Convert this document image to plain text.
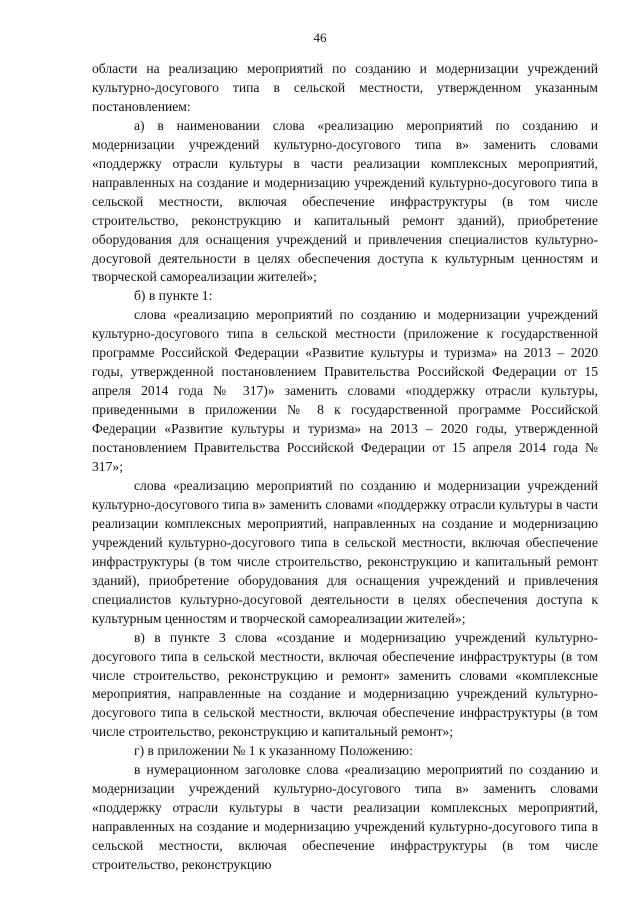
46

области на реализацию мероприятий по созданию и модернизации учреждений культурно-досугового типа в сельской местности, утвержденном указанным постановлением:

а) в наименовании слова «реализацию мероприятий по созданию и модернизации учреждений культурно-досугового типа в» заменить словами «поддержку отрасли культуры в части реализации комплексных мероприятий, направленных на создание и модернизацию учреждений культурно-досугового типа в сельской местности, включая обеспечение инфраструктуры (в том числе строительство, реконструкцию и капитальный ремонт зданий), приобретение оборудования для оснащения учреждений и привлечения специалистов культурно-досуговой деятельности в целях обеспечения доступа к культурным ценностям и творческой самореализации жителей»;

б) в пункте 1:

слова «реализацию мероприятий по созданию и модернизации учреждений культурно-досугового типа в сельской местности (приложение к государственной программе Российской Федерации «Развитие культуры и туризма» на 2013 – 2020 годы, утвержденной постановлением Правительства Российской Федерации от 15 апреля 2014 года № 317)» заменить словами «поддержку отрасли культуры, приведенными в приложении № 8 к государственной программе Российской Федерации «Развитие культуры и туризма» на 2013 – 2020 годы, утвержденной постановлением Правительства Российской Федерации от 15 апреля 2014 года № 317»;

слова «реализацию мероприятий по созданию и модернизации учреждений культурно-досугового типа в» заменить словами «поддержку отрасли культуры в части реализации комплексных мероприятий, направленных на создание и модернизацию учреждений культурно-досугового типа в сельской местности, включая обеспечение инфраструктуры (в том числе строительство, реконструкцию и капитальный ремонт зданий), приобретение оборудования для оснащения учреждений и привлечения специалистов культурно-досуговой деятельности в целях обеспечения доступа к культурным ценностям и творческой самореализации жителей»;

в) в пункте 3 слова «создание и модернизацию учреждений культурно-досугового типа в сельской местности, включая обеспечение инфраструктуры (в том числе строительство, реконструкцию и ремонт» заменить словами «комплексные мероприятия, направленные на создание и модернизацию учреждений культурно-досугового типа в сельской местности, включая обеспечение инфраструктуры (в том числе строительство, реконструкцию и капитальный ремонт»;

г) в приложении № 1 к указанному Положению:

в нумерационном заголовке слова «реализацию мероприятий по созданию и модернизации учреждений культурно-досугового типа в» заменить словами «поддержку отрасли культуры в части реализации комплексных мероприятий, направленных на создание и модернизацию учреждений культурно-досугового типа в сельской местности, включая обеспечение инфраструктуры (в том числе строительство, реконструкцию
